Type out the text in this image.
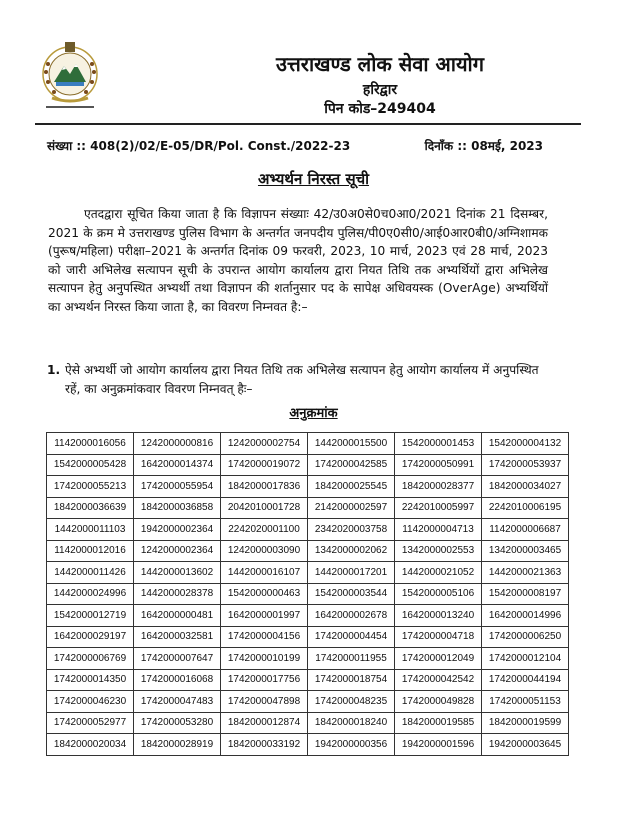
उत्तराखण्ड लोक सेवा आयोग
हरिद्वार
पिन कोड–249404
संख्या :: 408(2)/02/E-05/DR/Pol. Const./2022-23	दिनॉंक :: 08मई, 2023
अभ्यर्थन निरस्त सूची
एतदद्वारा सूचित किया जाता है कि विज्ञापन संख्याः 42/उ0अ0से0च0आ0/2021 दिनांक 21 दिसम्बर, 2021 के क्रम मे उत्तराखण्ड पुलिस विभाग के अन्तर्गत जनपदीय पुलिस/पी0ए0सी0/आई0आर0बी0/अग्निशामक (पुरूष/महिला) परीक्षा–2021 के अन्तर्गत दिनांक 09 फरवरी, 2023, 10 मार्च, 2023 एवं 28 मार्च, 2023 को जारी अभिलेख सत्यापन सूची के उपरान्त आयोग कार्यालय द्वारा नियत तिथि तक अभ्यर्थियों द्वारा अभिलेख सत्यापन हेतु अनुपस्थित अभ्यर्थी तथा विज्ञापन की शर्तानुसार पद के सापेक्ष अधिवयस्क (OverAge) अभ्यर्थियों का अभ्यर्थन निरस्त किया जाता है, का विवरण निम्नवत है:–
1. ऐसे अभ्यर्थी जो आयोग कार्यालय द्वारा नियत तिथि तक अभिलेख सत्यापन हेतु आयोग कार्यालय में अनुपस्थित रहें, का अनुक्रमांकवार विवरण निम्नवत् हैः–
अनुक्रमांक
1142000016056	1242000000816	1242000002754	1442000015500	1542000001453	1542000004132
1542000005428	1642000014374	1742000019072	1742000042585	1742000050991	1742000053937
1742000055213	1742000055954	1842000017836	1842000025545	1842000028377	1842000034027
1842000036639	1842000036858	2042010001728	2142000002597	2242010005997	2242010006195
1442000011103	1942000002364	2242020001100	2342020003758	1142000004713	1142000006687
1142000012016	1242000002364	1242000003090	1342000002062	1342000002553	1342000003465
1442000011426	1442000013602	1442000016107	1442000017201	1442000021052	1442000021363
1442000024996	1442000028378	1542000000463	1542000003544	1542000005106	1542000008197
1542000012719	1642000000481	1642000001997	1642000002678	1642000013240	1642000014996
1642000029197	1642000032581	1742000004156	1742000004454	1742000004718	1742000006250
1742000006769	1742000007647	1742000010199	1742000011955	1742000012049	1742000012104
1742000014350	1742000016068	1742000017756	1742000018754	1742000042542	1742000044194
1742000046230	1742000047483	1742000047898	1742000048235	1742000049828	1742000051153
1742000052977	1742000053280	1842000012874	1842000018240	1842000019585	1842000019599
1842000020034	1842000028919	1842000033192	1942000000356	1942000001596	1942000003645
